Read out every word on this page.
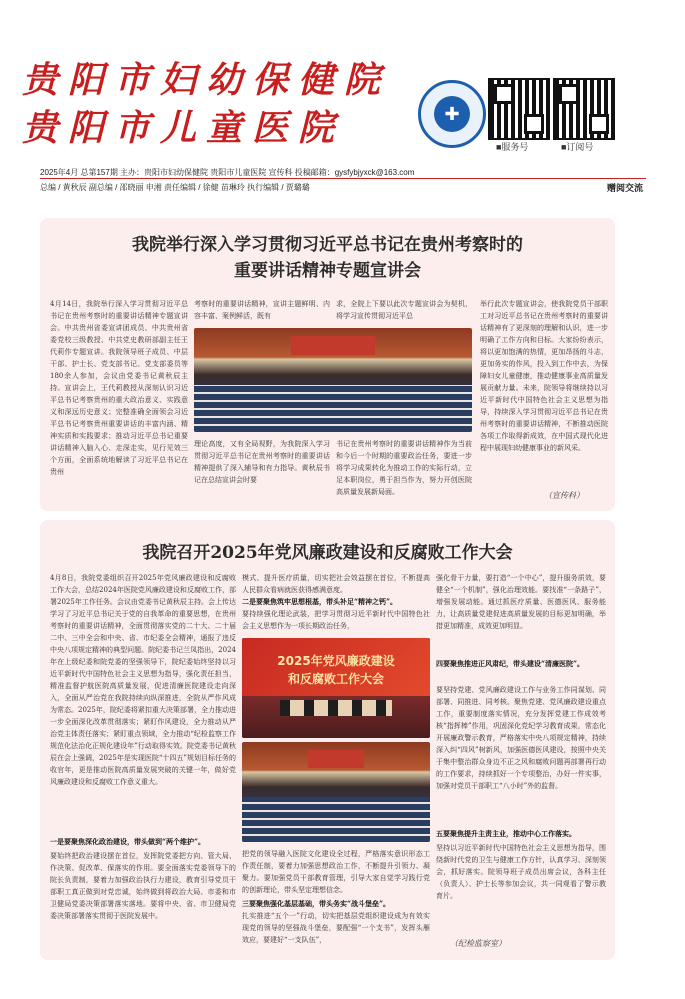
贵阳市妇幼保健院
贵阳市儿童医院	✚
■服务号	■订阅号
2025年4月 总第157期 主办：贵阳市妇幼保健院 贵阳市儿童医院 宣传科 投稿邮箱：gysfybjyxck@163.com
总编 / 黄秋辰 副总编 / 邵晓丽 申湘 责任编辑 / 徐健 苗琳玲 执行编辑 / 贾璐璐	赠阅交流
我院举行深入学习贯彻习近平总书记在贵州考察时的
重要讲话精神专题宣讲会
4月14日，我院举行深入学习贯彻习近平总书记在贵州考察时的重要讲话精神专题宣讲会。中共贵州省委宣讲团成员、中共贵州省委党校三级教授、中共党史教研部副主任王代莉作专题宣讲。我院领导班子成员、中层干部、护士长、党支部书记、党支部委员等180余人参加，会议由党委书记黄秋辰主持。宣讲会上，王代莉教授从深刻认识习近平总书记考察贵州的重大政治意义、实践意义和深远历史意义；完整准确全面领会习近平总书记考察贵州重要讲话的丰富内涵、精神实质和实践要求；推动习近平总书记重要讲话精神入脑入心、走深走实，见行见效三个方面，全面系统地解读了习近平总书记在贵州
考察时的重要讲话精神，宣讲主题鲜明、内容丰富、案例鲜活，既有
求，全院上下要以此次专题宣讲会为契机，将学习宣传贯彻习近平总
理论高度，又有全局视野，为我院深入学习贯彻习近平总书记在贵州考察时的重要讲话精神提供了深入辅导和有力指导。黄秋辰书记在总结宣讲会时要
书记在贵州考察时的重要讲话精神作为当前和今后一个时期的重要政治任务，要进一步将学习成果转化为推动工作的实际行动，立足本职岗位，勇于担当作为，努力开创医院高质量发展新局面。
举行此次专题宣讲会，使我院党员干部职工对习近平总书记在贵州考察时的重要讲话精神有了更深刻的理解和认识，进一步明确了工作方向和目标。大家纷纷表示，将以更加饱满的热情，更加昂扬的斗志，更加务实的作风，投入到工作中去，为保障妇女儿童健康，推动健康事业高质量发展贡献力量。未来，院领导将继续持以习近平新时代中国特色社会主义思想为指导，持续深入学习贯彻习近平总书记在贵州考察时的重要讲话精神，不断推动医院各项工作取得新成效，在中国式现代化进程中展现妇幼健康事业的新风采。
（宣传科）
我院召开2025年党风廉政建设和反腐败工作大会
4月8日，我院党委组织召开2025年党风廉政建设和反腐败工作大会，总结2024年医院党风廉政建设和反腐败工作，部署2025年工作任务。会议由党委书记黄秋辰主持。会上传达学习了习近平总书记关于党的自我革命的重要思想，在贵州考察时的重要讲话精神，全面贯彻落实党的二十大、二十届二中、三中全会和中央、省、市纪委全会精神，通报了违反中央八项规定精神的典型问题。院纪委书记兰凤指出，2024年在上级纪委和院党委的坚强领导下，院纪委始终坚持以习近平新时代中国特色社会主义思想为指导，强化责任担当，精准监督护航医院高质量发展，促进清廉医院建设走向深入，全面从严治党在我院持续向纵深推进，全院从严作风成为常态。2025年，院纪委将紧扣重大决策部署，全力推动进一步全面深化改革贯彻落实；紧盯作风建设，全力推动从严治党主体责任落实；紧盯重点领域，全力推动“纪检监察工作规范化法治化正规化建设年”行动取得实效。院党委书记黄秋辰在会上强调，2025年是实现医院“十四五”规划目标任务的收官年，更是推动医院高质量发展突破的关键一年，做好党风廉政建设和反腐败工作意义重大。
一是要聚焦深化政治建设，带头做到“两个维护”。
要始终把政治建设摆在首位，发挥院党委把方向、管大局、作决策、促改革、保落实的作用。要全面落实党委领导下的院长负责制，要着力加强政治执行力建设，教育引导党员干部职工真正做到对党忠诚，始终做到将政治大局、市委和市卫健局党委决策部署落实落地。要将中央、省、市卫健局党委决策部署落实贯彻于医院发展中。
模式、提升医疗质量，切实把社会效益摆在首位，不断提高人民群众看病就医获得感满意度。
二是要聚焦筑牢思想根基，带头补足“精神之钙”。
要持续强化理论武装，把学习贯彻习近平新时代中国特色社会主义思想作为一项长期政治任务，
2025年党风廉政建设
和反腐败工作大会
把党的领导融入医院文化建设全过程，严格落实意识形态工作责任制，要着力加强思想政治工作，不断提升引领力、凝聚力。要加强党员干部教育管理，引导大家自觉学习践行党的创新理论，带头坚定理想信念。
三要聚焦强化基层基础，带头务实“战斗堡垒”。
扎实推进“五个一”行动，切实把基层党组织建设成为有效实现党的领导的坚强战斗堡垒，要配强“一个支书”，发挥头雁效应，要建好“一支队伍”，
强化骨干力量，要打造“一个中心”，提升服务质效，要健全“一个机制”，强化治理效能。要找准“一条路子”，增强发展动能。通过抓医疗质量、医德医风、服务能力，让高质量党建促进高质量发展的目标更加明确，举措更加精准，成效更加明显。
四要聚焦推进正风肃纪，带头建设“清廉医院”。
要坚持党建、党风廉政建设工作与业务工作同谋划、同部署、同推进、同考核。聚焦党建、党风廉政建设重点工作，重要制度落实情况，充分发挥党建工作成效考核“指挥棒”作用，巩固深化党纪学习教育成果，常态化开展廉政警示教育，严格落实中央八项规定精神，持续深入纠“四风”树新风，加强医德医风建设，按照中央关于集中整治群众身边不正之风和腐败问题再部署再行动的工作要求，持续抓好一个专项整治，办好一件实事，加强对党员干部职工“八小时”外的监督。
五要聚焦提升主责主业，推动中心工作落实。
坚持以习近平新时代中国特色社会主义思想为指导，围绕新时代党的卫生与健康工作方针，认真学习、深刻领会，抓好落实。院领导班子成员出席会议，各科主任（负责人）、护士长等参加会议，共一同观看了警示教育片。
（纪检监察室）
